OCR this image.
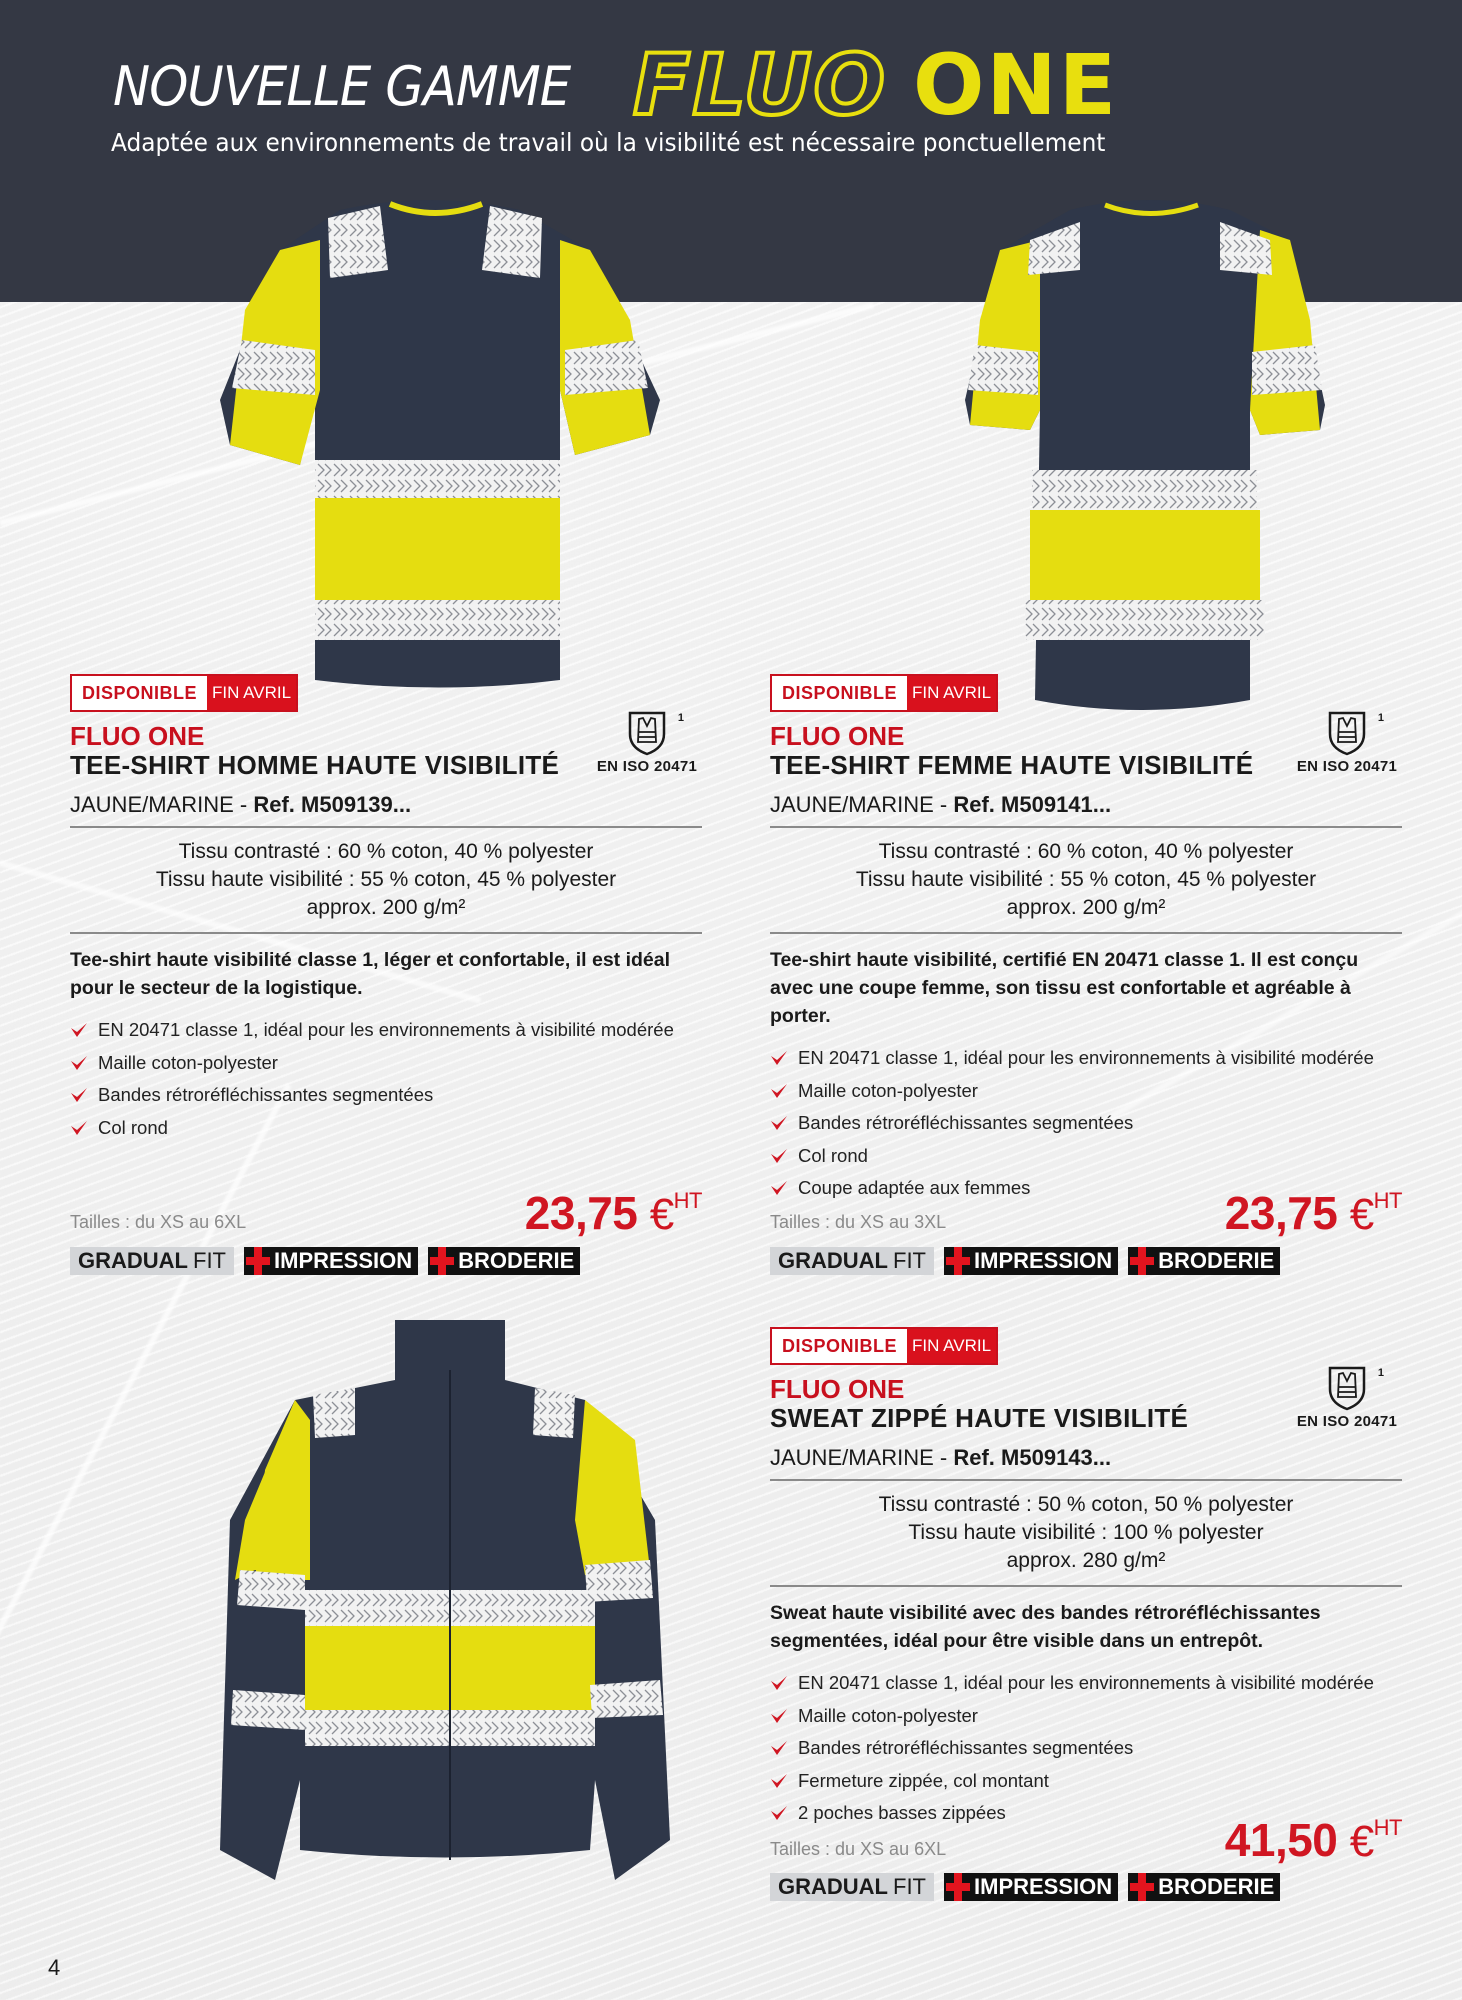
NOUVELLE GAMME FLUO ONE
Adaptée aux environnements de travail où la visibilité est nécessaire ponctuellement
DISPONIBLE FIN AVRIL
FLUO ONE
TEE-SHIRT HOMME HAUTE VISIBILITÉ
1
EN ISO 20471
JAUNE/MARINE - Ref. M509139...
Tissu contrasté : 60 % coton, 40 % polyester
Tissu haute visibilité : 55 % coton, 45 % polyester
approx. 200 g/m²
Tee-shirt haute visibilité classe 1, léger et confortable, il est idéal pour le secteur de la logistique.
EN 20471 classe 1, idéal pour les environnements à visibilité modérée
Maille coton-polyester
Bandes rétroréfléchissantes segmentées
Col rond
Tailles : du XS au 6XL	23,75 €$^{HT}$
GRADUAL FIT IMPRESSION BRODERIE
DISPONIBLE FIN AVRIL
FLUO ONE
TEE-SHIRT FEMME HAUTE VISIBILITÉ
1
EN ISO 20471
JAUNE/MARINE - Ref. M509141...
Tissu contrasté : 60 % coton, 40 % polyester
Tissu haute visibilité : 55 % coton, 45 % polyester
approx. 200 g/m²
Tee-shirt haute visibilité, certifié EN 20471 classe 1. Il est conçu avec une coupe femme, son tissu est confortable et agréable à porter.
EN 20471 classe 1, idéal pour les environnements à visibilité modérée
Maille coton-polyester
Bandes rétroréfléchissantes segmentées
Col rond
Coupe adaptée aux femmes
Tailles : du XS au 3XL	23,75 €$^{HT}$
GRADUAL FIT IMPRESSION BRODERIE
DISPONIBLE FIN AVRIL
FLUO ONE
SWEAT ZIPPÉ HAUTE VISIBILITÉ
1
EN ISO 20471
JAUNE/MARINE - Ref. M509143...
Tissu contrasté : 50 % coton, 50 % polyester
Tissu haute visibilité : 100 % polyester
approx. 280 g/m²
Sweat haute visibilité avec des bandes rétroréfléchissantes segmentées, idéal pour être visible dans un entrepôt.
EN 20471 classe 1, idéal pour les environnements à visibilité modérée
Maille coton-polyester
Bandes rétroréfléchissantes segmentées
Fermeture zippée, col montant
2 poches basses zippées
Tailles : du XS au 6XL	41,50 €$^{HT}$
GRADUAL FIT IMPRESSION BRODERIE
4
